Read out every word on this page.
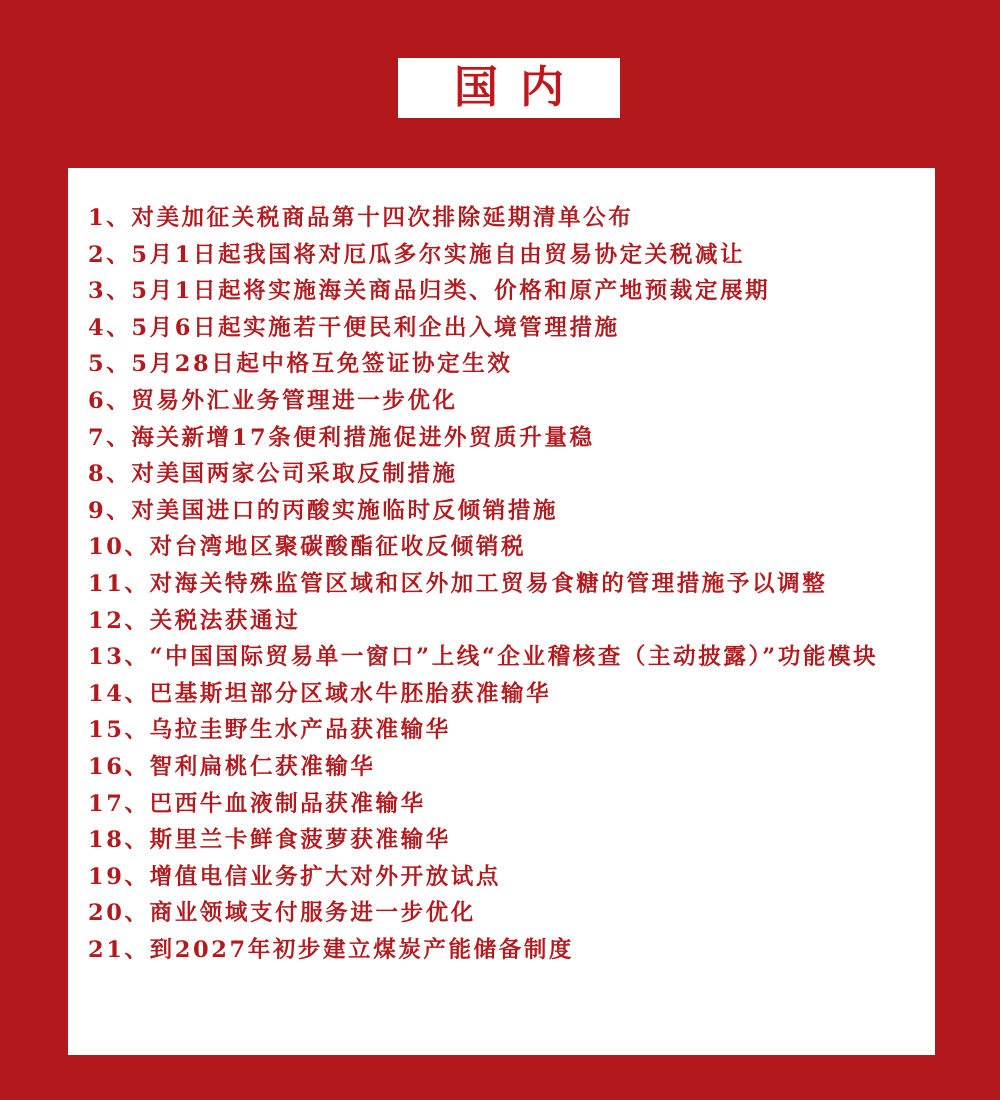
国内
1、对美加征关税商品第十四次排除延期清单公布
2、5月1日起我国将对厄瓜多尔实施自由贸易协定关税减让
3、5月1日起将实施海关商品归类、价格和原产地预裁定展期
4、5月6日起实施若干便民利企出入境管理措施
5、5月28日起中格互免签证协定生效
6、贸易外汇业务管理进一步优化
7、海关新增17条便利措施促进外贸质升量稳
8、对美国两家公司采取反制措施
9、对美国进口的丙酸实施临时反倾销措施
10、对台湾地区聚碳酸酯征收反倾销税
11、对海关特殊监管区域和区外加工贸易食糖的管理措施予以调整
12、关税法获通过
13、“中国国际贸易单一窗口”上线“企业稽核查（主动披露）”功能模块
14、巴基斯坦部分区域水牛胚胎获准输华
15、乌拉圭野生水产品获准输华
16、智利扁桃仁获准输华
17、巴西牛血液制品获准输华
18、斯里兰卡鲜食菠萝获准输华
19、增值电信业务扩大对外开放试点
20、商业领域支付服务进一步优化
21、到2027年初步建立煤炭产能储备制度
